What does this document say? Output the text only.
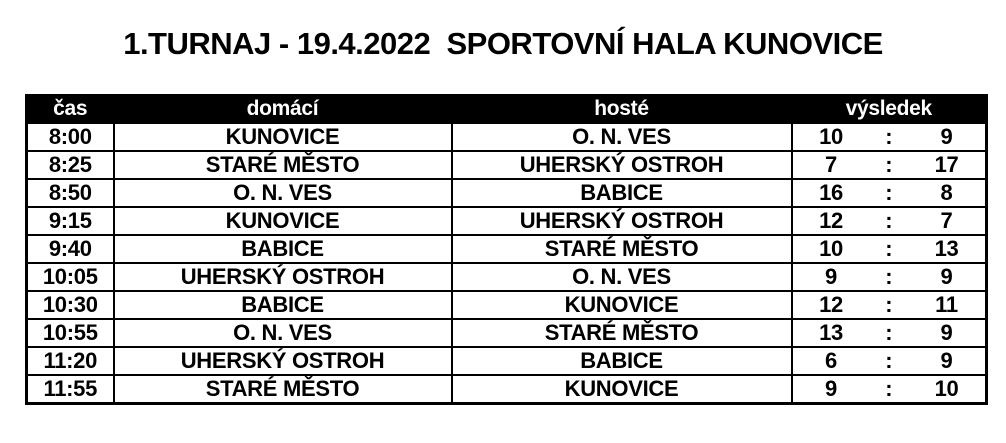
1.TURNAJ - 19.4.2022  SPORTOVNÍ HALA KUNOVICE
čas	domácí	hosté	výsledek
8:00	KUNOVICE	O. N. VES	10 : 9

8:25	STARÉ MĚSTO	UHERSKÝ OSTROH	7 : 17

8:50	O. N. VES	BABICE	16 : 8

9:15	KUNOVICE	UHERSKÝ OSTROH	12 : 7

9:40	BABICE	STARÉ MĚSTO	10 : 13

10:05	UHERSKÝ OSTROH	O. N. VES	9 : 9

10:30	BABICE	KUNOVICE	12 : 11

10:55	O. N. VES	STARÉ MĚSTO	13 : 9

11:20	UHERSKÝ OSTROH	BABICE	6 : 9

11:55	STARÉ MĚSTO	KUNOVICE	9 : 10
